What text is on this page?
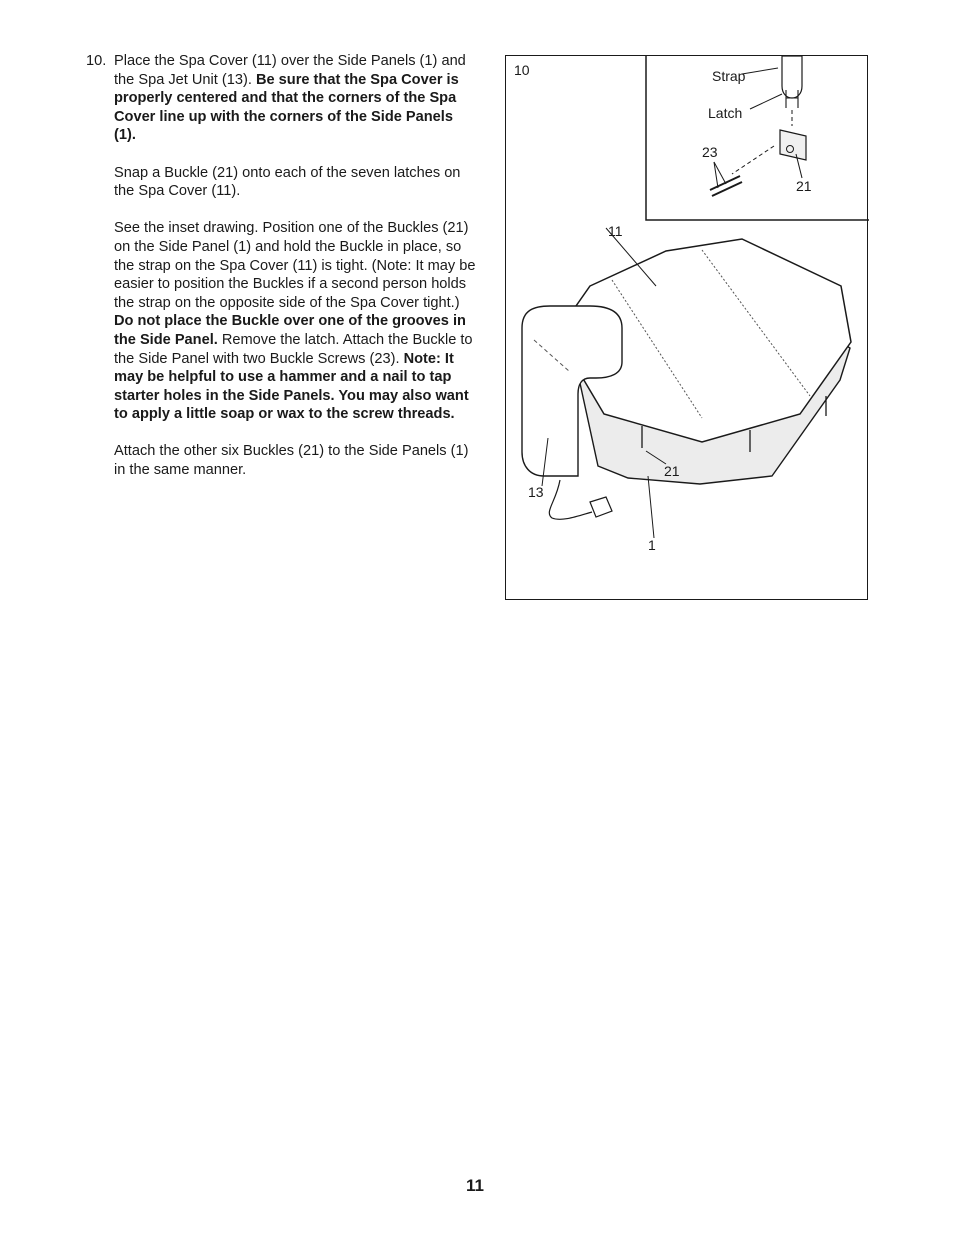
10. Place the Spa Cover (11) over the Side Panels (1) and the Spa Jet Unit (13). Be sure that the Spa Cover is properly centered and that the corners of the Spa Cover line up with the corners of the Side Panels (1).

Snap a Buckle (21) onto each of the seven latches on the Spa Cover (11).

See the inset drawing. Position one of the Buckles (21) on the Side Panel (1) and hold the Buckle in place, so the strap on the Spa Cover (11) is tight. (Note: It may be easier to position the Buckles if a second person holds the strap on the opposite side of the Spa Cover tight.) Do not place the Buckle over one of the grooves in the Side Panel. Remove the latch. Attach the Buckle to the Side Panel with two Buckle Screws (23). Note: It may be helpful to use a hammer and a nail to tap starter holes in the Side Panels. You may also want to apply a little soap or wax to the screw threads.

Attach the other six Buckles (21) to the Side Panels (1) in the same manner.

10	Strap
Latch
23
21
11
13
21
1
11
